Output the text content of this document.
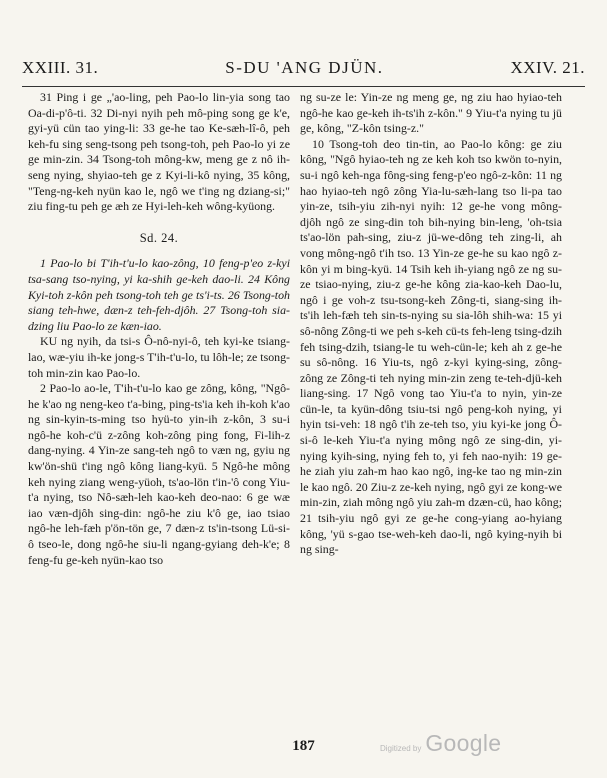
XXIII. 31.	S-DU 'ANG DJÜN.	XXIV. 21.

31 Ping i ge „'ao-ling, peh Pao-lo lin-yia song tao Oa-di-p'ô-ti. 32 Di-nyi nyih peh mô-ping song ge k'e, gyi-yü cün tao ying-li: 33 ge-he tao Ke-sæh-lî-ô, peh keh-fu sing seng-tsong peh tsong-toh, peh Pao-lo yi ze ge min-zin. 34 Tsong-toh mông-kw, meng ge z nô ih-seng nying, shyiao-teh ge z Kyi-li-kô nying, 35 kông, "Teng-ng-keh nyün kao le, ngô we t'ing ng dziang-si;" ziu fing-tu peh ge æh ze Hyi-leh-keh wông-kyüong.

Sd. 24.

1 Pao-lo bi T'ih-t'u-lo kao-zông, 10 feng-p'eo z-kyi tsa-sang tso-nying, yi ka-shih ge-keh dao-li. 24 Kông Kyi-toh z-kôn peh tsong-toh teh ge ts'i-ts. 26 Tsong-toh siang teh-hwe, dæn-z teh-feh-djôh. 27 Tsong-toh sia-dzing liu Pao-lo ze kæn-iao.

KU ng nyih, da tsi-s Ô-nô-nyi-ô, teh kyi-ke tsiang-lao, wæ-yiu ih-ke jong-s T'ih-t'u-lo, tu lôh-le; ze tsong-toh min-zin kao Pao-lo.

2 Pao-lo ao-le, T'ih-t'u-lo kao ge zông, kông, "Ngô-he k'ao ng neng-keo t'a-bing, ping-ts'ia keh ih-koh k'ao ng sin-kyin-ts-ming tso hyü-to yin-ih z-kôn, 3 su-i ngô-he koh-c'ü z-zông koh-zông ping fong, Fi-lih-z dang-nying. 4 Yin-ze sang-teh ngô to væn ng, gyiu ng kw'ön-shü t'ing ngô kông liang-kyü. 5 Ngô-he mông keh nying ziang weng-yüoh, ts'ao-lön t'in-'ô cong Yiu-t'a nying, tso Nô-sæh-leh kao-keh deo-nao: 6 ge wæ iao væn-djôh sing-din: ngô-he ziu k'ô ge, iao tsiao ngô-he leh-fæh p'ön-tön ge, 7 dæn-z ts'in-tsong Lü-si-ô tseo-le, dong ngô-he siu-li ngang-gyiang deh-k'e; 8 feng-fu ge-keh nyün-kao tso

ng su-ze le: Yin-ze ng meng ge, ng ziu hao hyiao-teh ngô-he kao ge-keh ih-ts'ih z-kôn." 9 Yiu-t'a nying tu jü ge, kông, "Z-kôn tsing-z."

10 Tsong-toh deo tin-tin, ao Pao-lo kông: ge ziu kông, "Ngô hyiao-teh ng ze keh koh tso kwön to-nyin, su-i ngô keh-nga fông-sing feng-p'eo ngô-z-kôn: 11 ng hao hyiao-teh ngô zông Yia-lu-sæh-lang tso li-pa tao yin-ze, tsih-yiu zih-nyi nyih: 12 ge-he vong mông-djôh ngô ze sing-din toh bih-nying bin-leng, 'oh-tsia ts'ao-lön pah-sing, ziu-z jü-we-dông teh zing-li, ah vong mông-ngô t'ih tso. 13 Yin-ze ge-he su kao ngô z-kôn yi m bing-kyü. 14 Tsih keh ih-yiang ngô ze ng su-ze tsiao-nying, ziu-z ge-he kông zia-kao-keh Dao-lu, ngô i ge voh-z tsu-tsong-keh Zông-ti, siang-sing ih-ts'ih leh-fæh teh sin-ts-nying su sia-lôh shih-wa: 15 yi sô-nông Zông-ti we peh s-keh cü-ts feh-leng tsing-dzih feh tsing-dzih, tsiang-le tu weh-cün-le; keh ah z ge-he su sô-nông. 16 Yiu-ts, ngô z-kyi kying-sing, zông-zông ze Zông-ti teh nying min-zin zeng te-teh-djü-keh liang-sing. 17 Ngô vong tao Yiu-t'a to nyin, yin-ze cün-le, ta kyün-dông tsiu-tsi ngô peng-koh nying, yi hyin tsi-veh: 18 ngô t'ih ze-teh tso, yiu kyi-ke jong Ô-si-ô le-keh Yiu-t'a nying mông ngô ze sing-din, yi-nying kyih-sing, nying feh to, yi feh nao-nyih: 19 ge-he ziah yiu zah-m hao kao ngô, ing-ke tao ng min-zin le kao ngô. 20 Ziu-z ze-keh nying, ngô gyi ze kong-we min-zin, ziah mông ngô yiu zah-m dzæn-cü, hao kông; 21 tsih-yiu ngô gyi ze ge-he cong-yiang ao-hyiang kông, 'yü s-gao tse-weh-keh dao-li, ngô kying-nyih bi ng sing-

187	Digitized by Google
